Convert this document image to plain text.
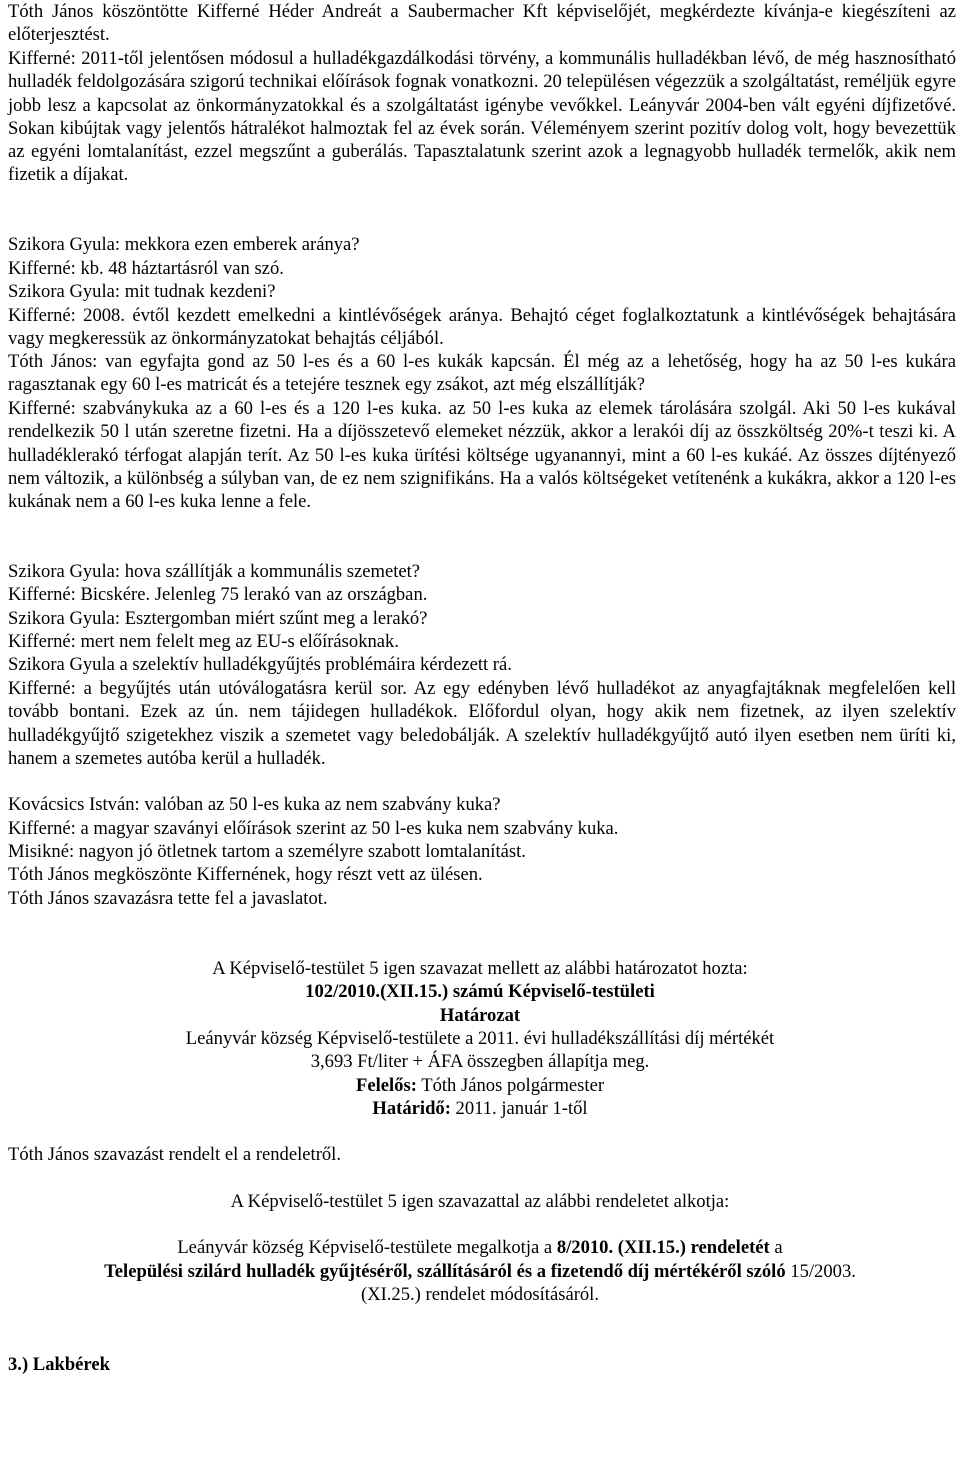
Tóth János köszöntötte Kifferné Héder Andreát a Saubermacher Kft képviselőjét, megkérdezte kívánja-e kiegészíteni az előterjesztést.

Kifferné: 2011-től jelentősen módosul a hulladékgazdálkodási törvény, a kommunális hulladékban lévő, de még hasznosítható hulladék feldolgozására szigorú technikai előírások fognak vonatkozni. 20 településen végezzük a szolgáltatást, reméljük egyre jobb lesz a kapcsolat az önkormányzatokkal és a szolgáltatást igénybe vevőkkel. Leányvár 2004-ben vált egyéni díjfizetővé. Sokan kibújtak vagy jelentős hátralékot halmoztak fel az évek során. Véleményem szerint pozitív dolog volt, hogy bevezettük az egyéni lomtalanítást, ezzel megszűnt a guberálás. Tapasztalatunk szerint azok a legnagyobb hulladék termelők, akik nem fizetik a díjakat.

Szikora Gyula: mekkora ezen emberek aránya?

Kifferné: kb. 48 háztartásról van szó.

Szikora Gyula: mit tudnak kezdeni?

Kifferné: 2008. évtől kezdett emelkedni a kintlévőségek aránya. Behajtó céget foglalkoztatunk a kintlévőségek behajtására vagy megkeressük az önkormányzatokat behajtás céljából.

Tóth János: van egyfajta gond az 50 l-es és a 60 l-es kukák kapcsán. Él még az a lehetőség, hogy ha az 50 l-es kukára ragasztanak egy 60 l-es matricát és a tetejére tesznek egy zsákot, azt még elszállítják?

Kifferné: szabványkuka az a 60 l-es és a 120 l-es kuka. az 50 l-es kuka az elemek tárolására szolgál. Aki 50 l-es kukával rendelkezik 50 l után szeretne fizetni. Ha a díjösszetevő elemeket nézzük, akkor a lerakói díj az összköltség 20%-t teszi ki. A hulladéklerakó térfogat alapján terít. Az 50 l-es kuka ürítési költsége ugyanannyi, mint a 60 l-es kukáé. Az összes díjtényező nem változik, a különbség a súlyban van, de ez nem szignifikáns. Ha a valós költségeket vetítenénk a kukákra, akkor a 120 l-es kukának nem a 60 l-es kuka lenne a fele.

Szikora Gyula: hova szállítják a kommunális szemetet?

Kifferné: Bicskére. Jelenleg 75 lerakó van az országban.

Szikora Gyula: Esztergomban miért szűnt meg a lerakó?

Kifferné: mert nem felelt meg az EU-s előírásoknak.

Szikora Gyula a szelektív hulladékgyűjtés problémáira kérdezett rá.

Kifferné: a begyűjtés után utóválogatásra kerül sor. Az egy edényben lévő hulladékot az anyagfajtáknak megfelelően kell tovább bontani. Ezek az ún. nem tájidegen hulladékok. Előfordul olyan, hogy akik nem fizetnek, az ilyen szelektív hulladékgyűjtő szigetekhez viszik a szemetet vagy beledobálják. A szelektív hulladékgyűjtő autó ilyen esetben nem üríti ki, hanem a szemetes autóba kerül a hulladék.

Kovácsics István: valóban az 50 l-es kuka az nem szabvány kuka?

Kifferné: a magyar szaványi előírások szerint az 50 l-es kuka nem szabvány kuka.

Misikné: nagyon jó ötletnek tartom a személyre szabott lomtalanítást.

Tóth János megköszönte Kiffernének, hogy részt vett az ülésen.

Tóth János szavazásra tette fel a javaslatot.

A Képviselő-testület 5 igen szavazat mellett az alábbi határozatot hozta:

102/2010.(XII.15.) számú Képviselő-testületi

Határozat

Leányvár község Képviselő-testülete a 2011. évi hulladékszállítási díj mértékét

3,693 Ft/liter + ÁFA összegben állapítja meg.

Felelős: Tóth János polgármester

Határidő: 2011. január 1-től

Tóth János szavazást rendelt el a rendeletről.

A Képviselő-testület 5 igen szavazattal az alábbi rendeletet alkotja:

Leányvár község Képviselő-testülete megalkotja a 8/2010. (XII.15.) rendeletét a

Települési szilárd hulladék gyűjtéséről, szállításáról és a fizetendő díj mértékéről szóló 15/2003.

(XI.25.) rendelet módosításáról.

3.) Lakbérek
